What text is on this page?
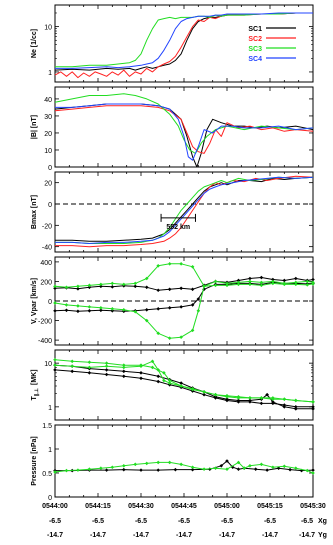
1
10
Ne [1/cc]	SC1
SC2
SC3
SC4
0
10
20
30
40
|B| [nT]
-40
-20
0
20
Bmax [nT]	552 km
-400
-200
0
200
400
V, Vpar [km/s]
1
10
$T_{\parallel,\perp}[MK]$
0
0.5
1
1.5
Pressure [nPa]
0544:00 0544:15 0544:30 0544:45 0545:00 0545:15 0545:30
-6.5	-6.5	-6.5	-6.5	-6.5	-6.5	-6.5 Xg
-14.7	-14.7	-14.7	-14.7	-14.7	-14.7	-14.7 Yg
